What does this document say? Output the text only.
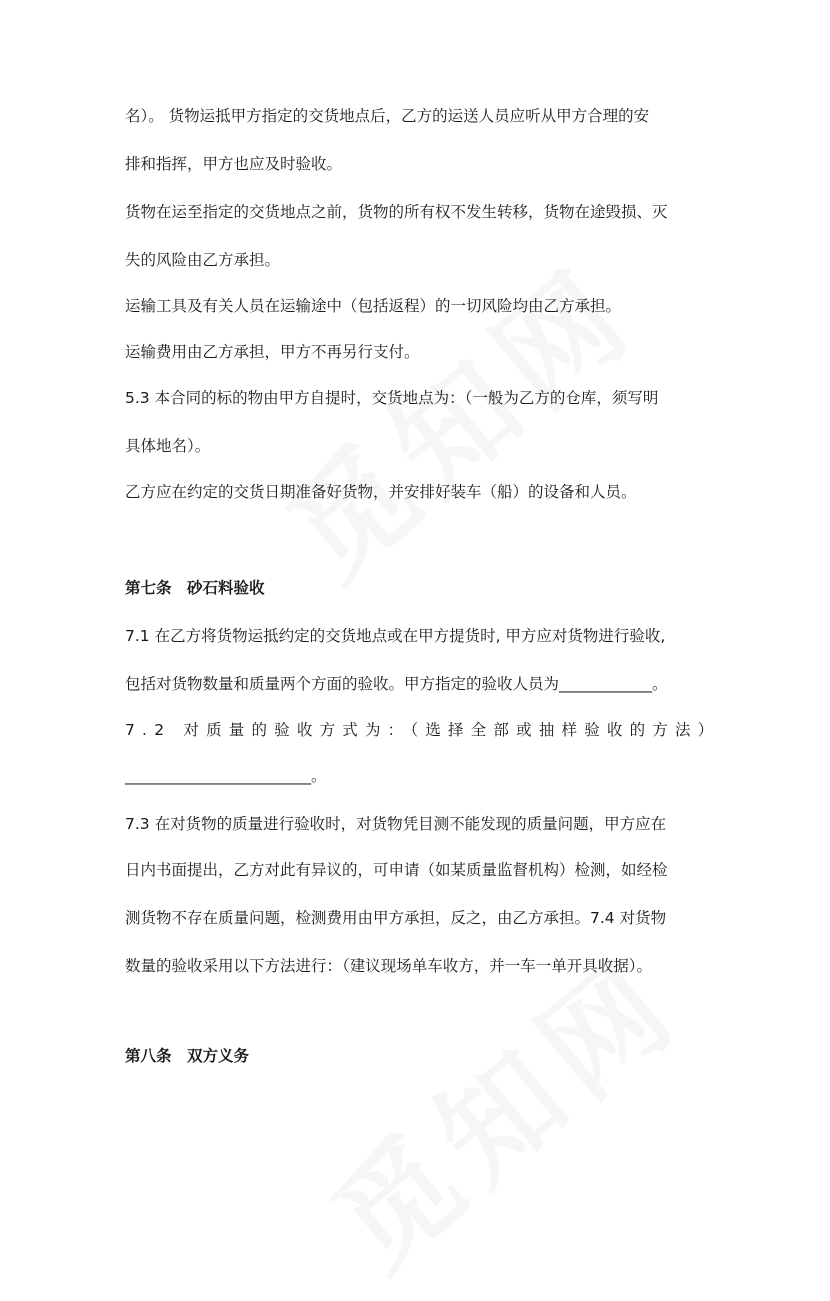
名）。 货物运抵甲方指定的交货地点后，乙方的运送人员应听从甲方合理的安

排和指挥，甲方也应及时验收。

货物在运至指定的交货地点之前，货物的所有权不发生转移，货物在途毁损、灭

失的风险由乙方承担。

运输工具及有关人员在运输途中（包括返程）的一切风险均由乙方承担。

运输费用由乙方承担，甲方不再另行支付。

5.3 本合同的标的物由甲方自提时，交货地点为：（一般为乙方的仓库，须写明

具体地名）。

乙方应在约定的交货日期准备好货物，并安排好装车（船）的设备和人员。

第七条　砂石料验收

7.1 在乙方将货物运抵约定的交货地点或在甲方提货时, 甲方应对货物进行验收,

包括对货物数量和质量两个方面的验收。甲方指定的验收人员为____________。

7.2 对质量的验收方式为：（选择全部或抽样验收的方法）

________________________。

7.3 在对货物的质量进行验收时，对货物凭目测不能发现的质量问题，甲方应在

日内书面提出，乙方对此有异议的，可申请（如某质量监督机构）检测，如经检

测货物不存在质量问题，检测费用由甲方承担，反之，由乙方承担。7.4 对货物

数量的验收采用以下方法进行：（建议现场单车收方，并一车一单开具收据）。

第八条　双方义务
